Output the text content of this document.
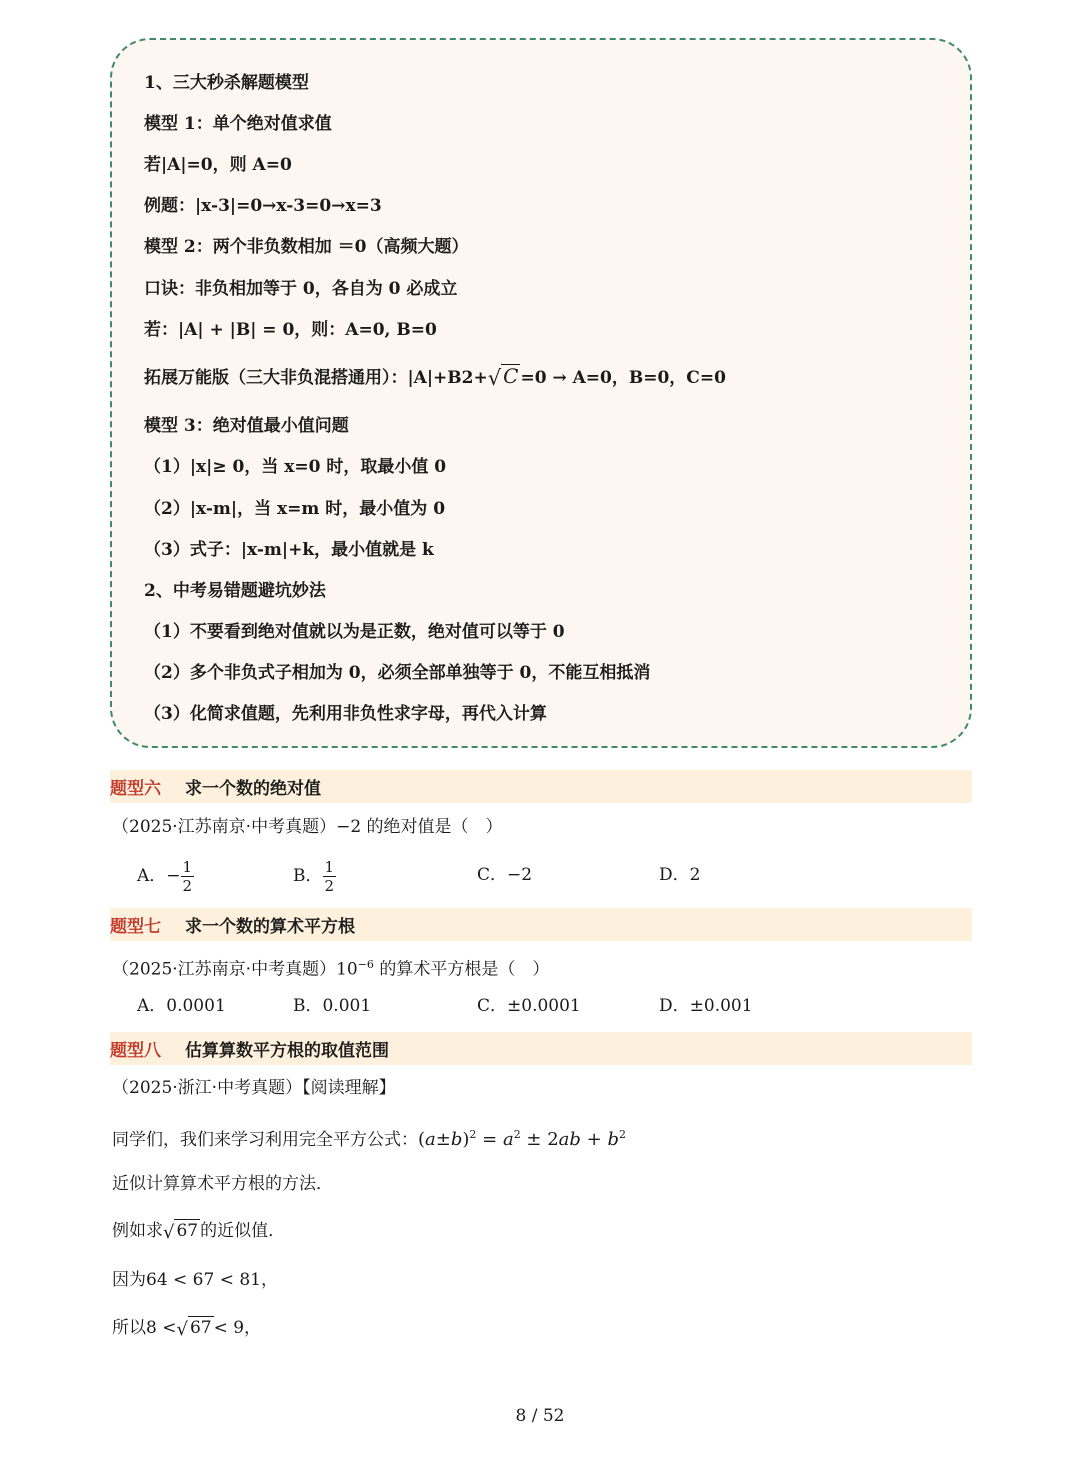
1、三大秒杀解题模型
模型 1：单个绝对值求值
若|A|=0，则 A=0
例题：|x-3|=0→x-3=0→x=3
模型 2：两个非负数相加 ＝0（高频大题）
口诀：非负相加等于 0，各自为 0 必成立
若：|A| + |B| = 0，则：A=0, B=0
拓展万能版（三大非负混搭通用）：|A|+B2+√ C =0 → A=0，B=0，C=0
模型 3：绝对值最小值问题
（1）|x|≥ 0，当 x=0 时，取最小值 0
（2）|x-m|，当 x=m 时，最小值为 0
（3）式子：|x-m|+k，最小值就是 k
2、中考易错题避坑妙法
（1）不要看到绝对值就以为是正数，绝对值可以等于 0
（2）多个非负式子相加为 0，必须全部单独等于 0，不能互相抵消
（3）化简求值题，先利用非负性求字母，再代入计算
题型六 求一个数的绝对值
（2025·江苏南京·中考真题）−2 的绝对值是（　）
A．− $\frac{1}{2}$	B． $\frac{1}{2}$	C．−2	D．2
题型七 求一个数的算术平方根
（2025·江苏南京·中考真题）$10^{-6}$ 的算术平方根是（　）
A．0.0001	B．0.001	C．±0.0001	D．±0.001
题型八 估算算数平方根的取值范围
（2025·浙江·中考真题）【阅读理解】
同学们，我们来学习利用完全平方公式：$(a\pm b)^2 = a^2 \pm 2ab + b^2$
近似计算算术平方根的方法．
例如求√ 67 的近似值．
因为64 < 67 < 81，
所以8 <√ 67 < 9，
8 / 52
